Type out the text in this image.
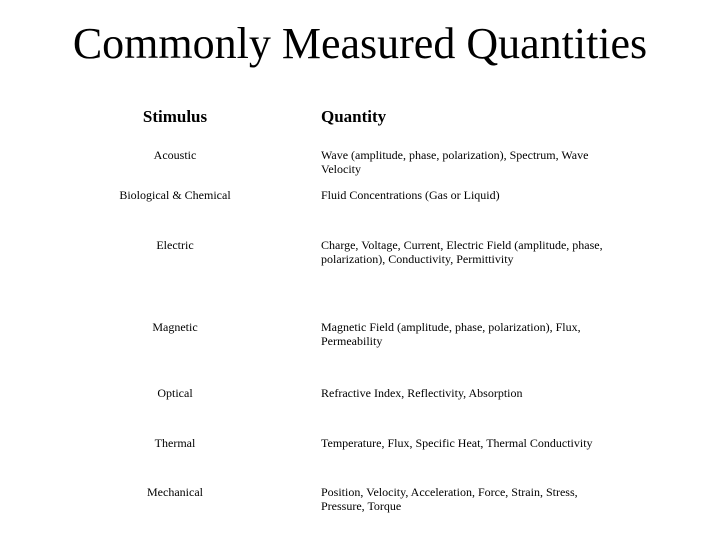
Commonly Measured Quantities
Stimulus	Quantity
Acoustic	Wave (amplitude, phase, polarization), Spectrum, Wave Velocity
Biological & Chemical	Fluid Concentrations (Gas or Liquid)
Electric	Charge, Voltage, Current, Electric Field (amplitude, phase, polarization), Conductivity, Permittivity
Magnetic	Magnetic Field (amplitude, phase, polarization), Flux, Permeability
Optical	Refractive Index, Reflectivity, Absorption
Thermal	Temperature, Flux, Specific Heat, Thermal Conductivity
Mechanical	Position, Velocity, Acceleration, Force, Strain, Stress, Pressure, Torque
